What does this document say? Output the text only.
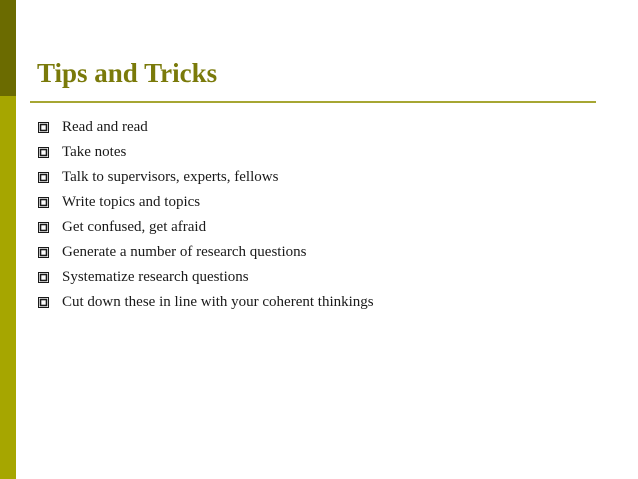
Tips and Tricks
Read and read
Take notes
Talk to supervisors, experts, fellows
Write topics and topics
Get confused, get afraid
Generate a number of research questions
Systematize research questions
Cut down these in line with your coherent thinkings
